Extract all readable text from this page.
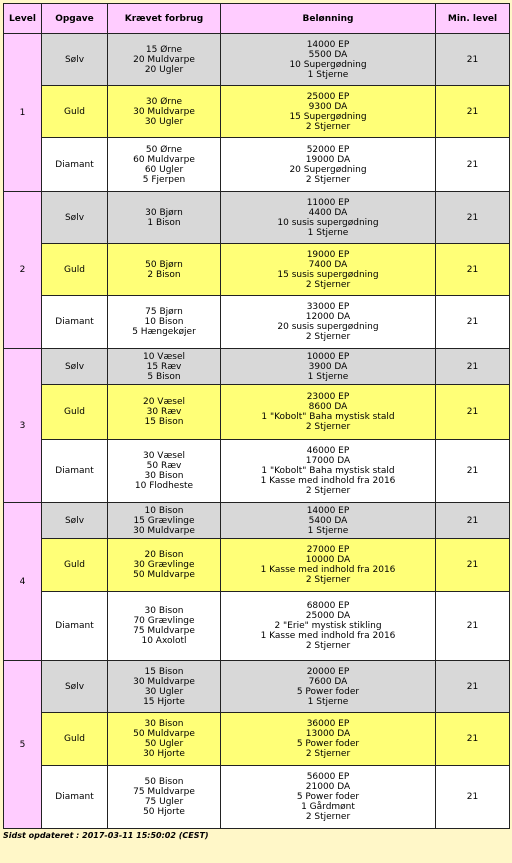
Level	Opgave	Krævet forbrug	Belønning	Min. level
1	Sølv	15 Ørne
20 Muldvarpe
20 Ugler	14000 EP
5500 DA
10 Supergødning
1 Stjerne	21
	Guld	30 Ørne
30 Muldvarpe
30 Ugler	25000 EP
9300 DA
15 Supergødning
2 Stjerner	21
	Diamant	50 Ørne
60 Muldvarpe
60 Ugler
5 Fjerpen	52000 EP
19000 DA
20 Supergødning
2 Stjerner	21
2	Sølv	30 Bjørn
1 Bison	11000 EP
4400 DA
10 susis supergødning
1 Stjerne	21
	Guld	50 Bjørn
2 Bison	19000 EP
7400 DA
15 susis supergødning
2 Stjerner	21
	Diamant	75 Bjørn
10 Bison
5 Hængekøjer	33000 EP
12000 DA
20 susis supergødning
2 Stjerner	21
3	Sølv	10 Væsel
15 Ræv
5 Bison	10000 EP
3900 DA
1 Stjerne	21
	Guld	20 Væsel
30 Ræv
15 Bison	23000 EP
8600 DA
1 "Kobolt" Baha mystisk stald
2 Stjerner	21
	Diamant	30 Væsel
50 Ræv
30 Bison
10 Flodheste	46000 EP
17000 DA
1 "Kobolt" Baha mystisk stald
1 Kasse med indhold fra 2016
2 Stjerner	21
4	Sølv	10 Bison
15 Grævlinge
30 Muldvarpe	14000 EP
5400 DA
1 Stjerne	21
	Guld	20 Bison
30 Grævlinge
50 Muldvarpe	27000 EP
10000 DA
1 Kasse med indhold fra 2016
2 Stjerner	21
	Diamant	30 Bison
70 Grævlinge
75 Muldvarpe
10 Axolotl	68000 EP
25000 DA
2 "Erie" mystisk stikling
1 Kasse med indhold fra 2016
2 Stjerner	21
5	Sølv	15 Bison
30 Muldvarpe
30 Ugler
15 Hjorte	20000 EP
7600 DA
5 Power foder
1 Stjerne	21
	Guld	30 Bison
50 Muldvarpe
50 Ugler
30 Hjorte	36000 EP
13000 DA
5 Power foder
2 Stjerner	21
	Diamant	50 Bison
75 Muldvarpe
75 Ugler
50 Hjorte	56000 EP
21000 DA
5 Power foder
1 Gårdmønt
2 Stjerner	21
Sidst opdateret : 2017-03-11 15:50:02 (CEST)
